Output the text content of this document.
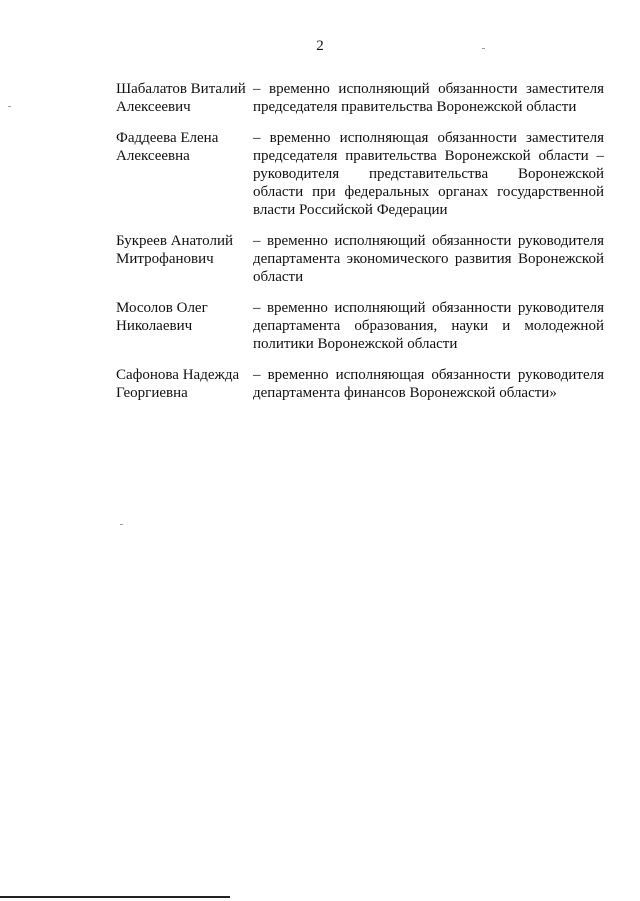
2
Шабалатов Виталий Алексеевич
– временно исполняющий обязанности заместителя председателя правительства Воронежской области
Фаддеева Елена Алексеевна
– временно исполняющая обязанности заместителя председателя правительства Воронежской области – руководителя представительства Воронежской области при федеральных органах государственной власти Российской Федерации
Букреев Анатолий Митрофанович
– временно исполняющий обязанности руководителя департамента экономического развития Воронежской области
Мосолов Олег Николаевич
– временно исполняющий обязанности руководителя департамента образования, науки и молодежной политики Воронежской области
Сафонова Надежда Георгиевна
– временно исполняющая обязанности руководителя департамента финансов Воронежской области»
